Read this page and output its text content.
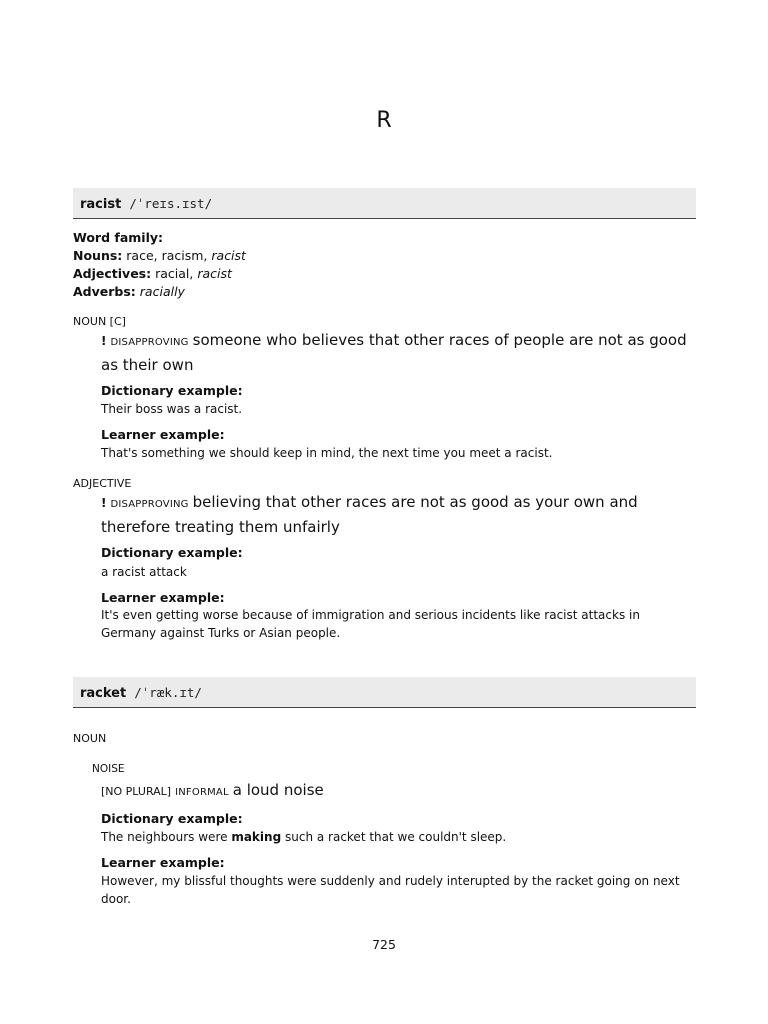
R
racist /ˈreɪs.ɪst/
Word family:
Nouns: race, racism, racist
Adjectives: racial, racist
Adverbs: racially
NOUN [C]
! DISAPPROVING someone who believes that other races of people are not as good as their own
Dictionary example:
Their boss was a racist.
Learner example:
That's something we should keep in mind, the next time you meet a racist.
ADJECTIVE
! DISAPPROVING believing that other races are not as good as your own and therefore treating them unfairly
Dictionary example:
a racist attack
Learner example:
It's even getting worse because of immigration and serious incidents like racist attacks in Germany against Turks or Asian people.
racket /ˈræk.ɪt/
NOUN
NOISE
[NO PLURAL] INFORMAL a loud noise
Dictionary example:
The neighbours were making such a racket that we couldn't sleep.
Learner example:
However, my blissful thoughts were suddenly and rudely interupted by the racket going on next door.
725
